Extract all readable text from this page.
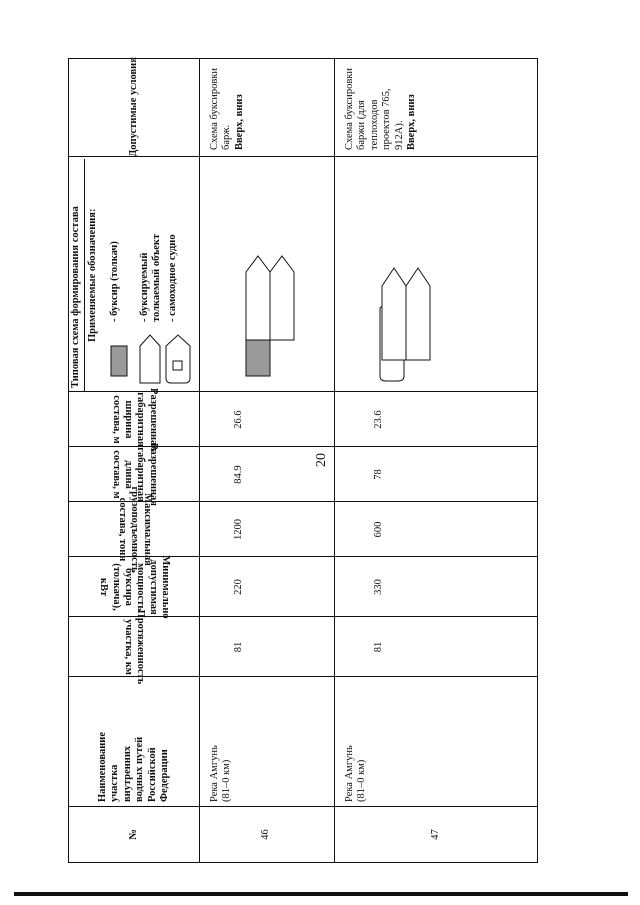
20
№
Наименование
участка
внутренних
водных путей
Российской
Федерации
Протяженность
участка, км
Минимально
допустимая мощность
буксира (толкача), кВт
Максимальная
грузоподъемность
состава, тонн
Разрешенная
габаритная длина
состава, м
Разрешенная
габаритная ширина
состава, м
Типовая схема формирования состава
Допустимые условия
Применяемые обозначения: - буксир (толкач) - буксируемый
толкаемый объект - самоходное судно
46
Река Амгунь
(81–0 км)
81
220
1200
84.9
26.6
Схема буксировки
барж. Вверх, вниз
47
Река Амгунь
(81–0 км)
81
330
600
78
23.6
Схема буксировки
баржи (для теплоходов
проектов 765, 912А). Вверх, вниз
